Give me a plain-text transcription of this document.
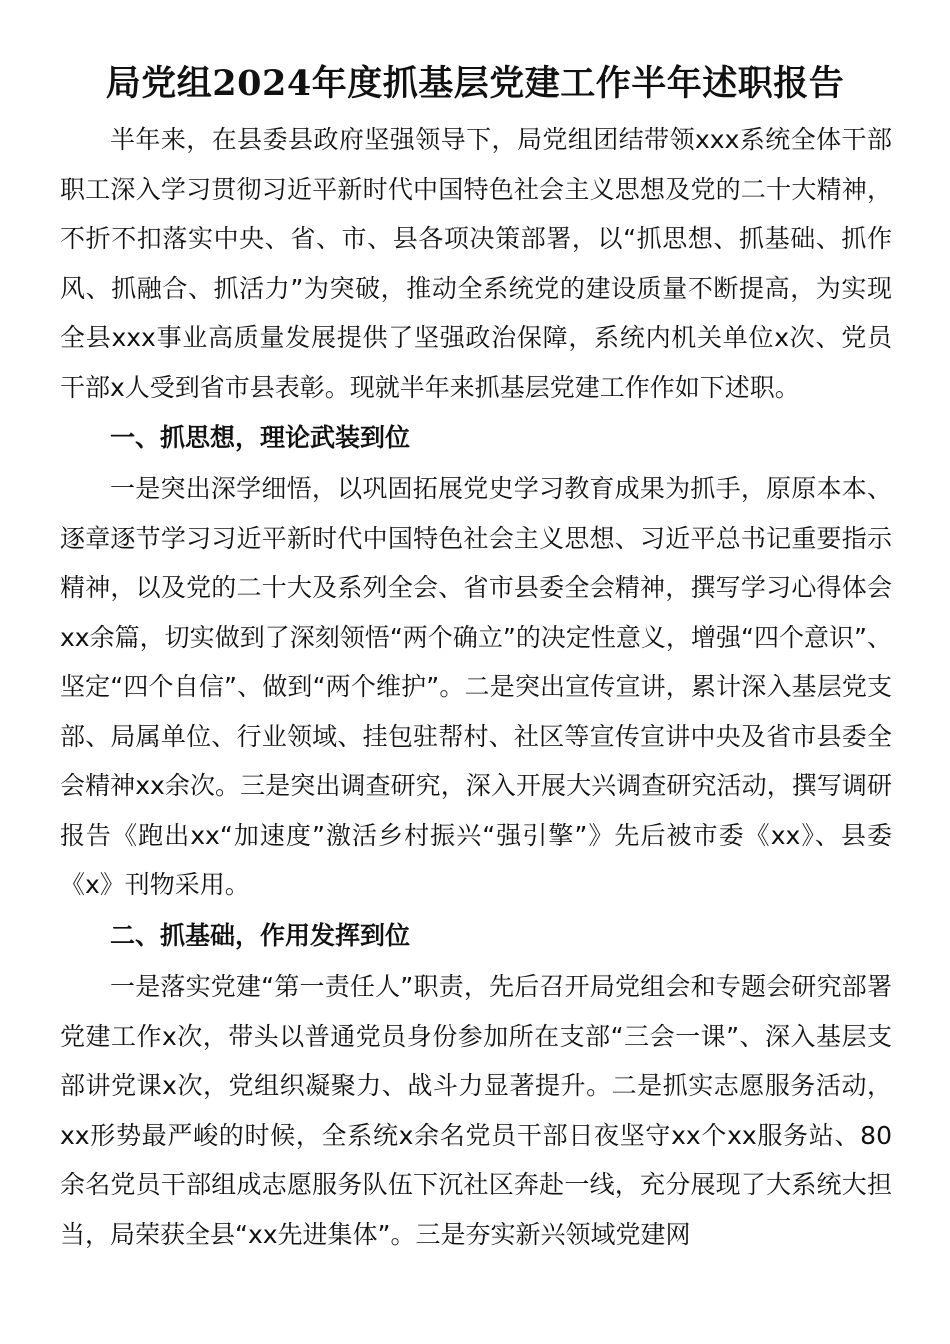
局党组2024年度抓基层党建工作半年述职报告

半年来，在县委县政府坚强领导下，局党组团结带领xxx系统全体干部职工深入学习贯彻习近平新时代中国特色社会主义思想及党的二十大精神，不折不扣落实中央、省、市、县各项决策部署，以“抓思想、抓基础、抓作风、抓融合、抓活力”为突破，推动全系统党的建设质量不断提高，为实现全县xxx事业高质量发展提供了坚强政治保障，系统内机关单位x次、党员干部x人受到省市县表彰。现就半年来抓基层党建工作作如下述职。

一、抓思想，理论武装到位

一是突出深学细悟，以巩固拓展党史学习教育成果为抓手，原原本本、逐章逐节学习习近平新时代中国特色社会主义思想、习近平总书记重要指示精神，以及党的二十大及系列全会、省市县委全会精神，撰写学习心得体会xx余篇，切实做到了深刻领悟“两个确立”的决定性意义，增强“四个意识”、坚定“四个自信”、做到“两个维护”。二是突出宣传宣讲，累计深入基层党支部、局属单位、行业领域、挂包驻帮村、社区等宣传宣讲中央及省市县委全会精神xx余次。三是突出调查研究，深入开展大兴调查研究活动，撰写调研报告《跑出xx“加速度”激活乡村振兴“强引擎”》先后被市委《xx》、县委《x》刊物采用。

二、抓基础，作用发挥到位

一是落实党建“第一责任人”职责，先后召开局党组会和专题会研究部署党建工作x次，带头以普通党员身份参加所在支部“三会一课”、深入基层支部讲党课x次，党组织凝聚力、战斗力显著提升。二是抓实志愿服务活动，xx形势最严峻的时候，全系统x余名党员干部日夜坚守xx个xx服务站、80余名党员干部组成志愿服务队伍下沉社区奔赴一线，充分展现了大系统大担当，局荣获全县“xx先进集体”。三是夯实新兴领域党建网
